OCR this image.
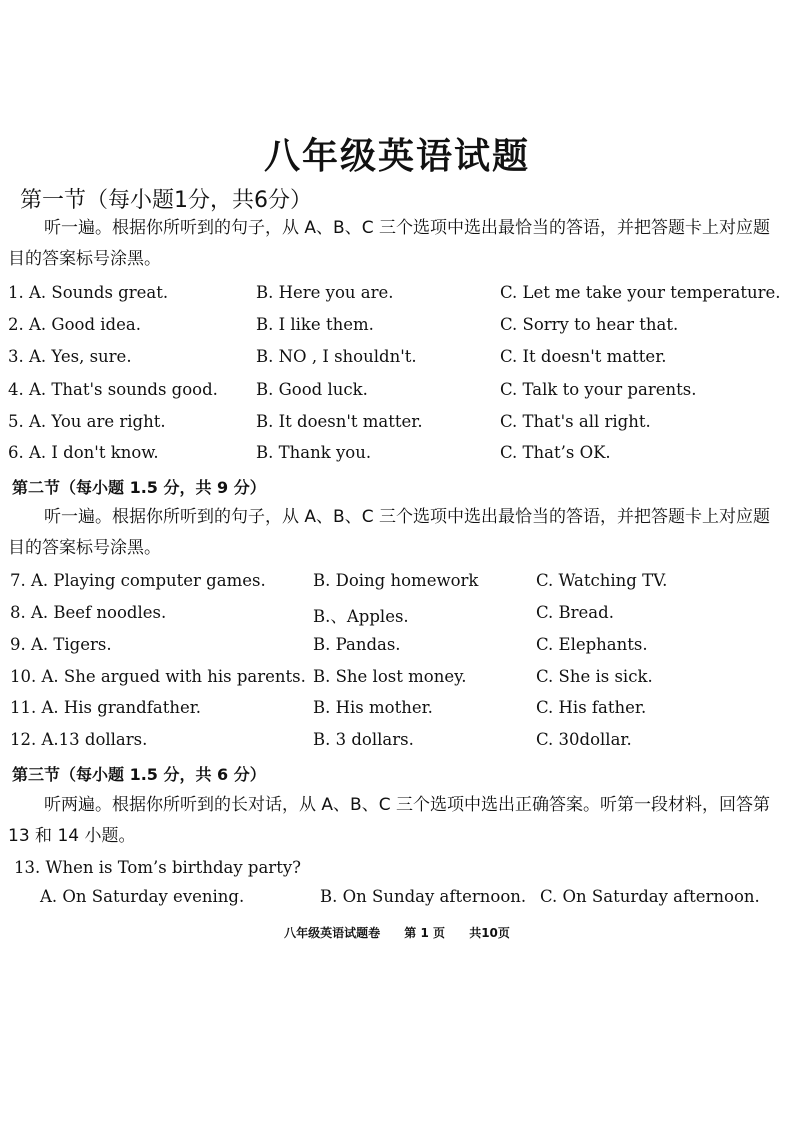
八年级英语试题
第一节（每小题1分，共6分）
听一遍。根据你所听到的句子，从 A、B、C 三个选项中选出最恰当的答语，并把答题卡上对应题目的答案标号涂黑。
1. A. Sounds great.	B. Here you are.	C. Let me take your temperature.
2. A. Good idea.	B. I like them.	C. Sorry to hear that.
3. A. Yes, sure.	B. NO , I shouldn't.	C. It doesn't matter.
4. A. That's sounds good. B. Good luck.	C. Talk to your parents.
5. A. You are right.	B. It doesn't matter.	C. That's all right.
6. A. I don't know.	B. Thank you.	C. That’s OK.
第二节（每小题 1.5 分，共 9 分）
听一遍。根据你所听到的句子，从 A、B、C 三个选项中选出最恰当的答语，并把答题卡上对应题目的答案标号涂黑。
7. A. Playing computer games.	B. Doing homework	C. Watching TV.
8. A. Beef noodles.	B.、Apples.	C. Bread.
9. A. Tigers.	B. Pandas.	C. Elephants.
10. A. She argued with his parents. B. She lost money.	C. She is sick.
11. A. His grandfather.	B. His mother.	C. His father.
12. A.13 dollars.	B. 3 dollars.	C. 30dollar.
第三节（每小题 1.5 分，共 6 分）
听两遍。根据你所听到的长对话，从 A、B、C 三个选项中选出正确答案。听第一段材料，回答第 13 和 14 小题。
13. When is Tom’s birthday party?
A. On Saturday evening.	B. On Sunday afternoon. C. On Saturday afternoon.
八年级英语试题卷 第 1 页 共10页
